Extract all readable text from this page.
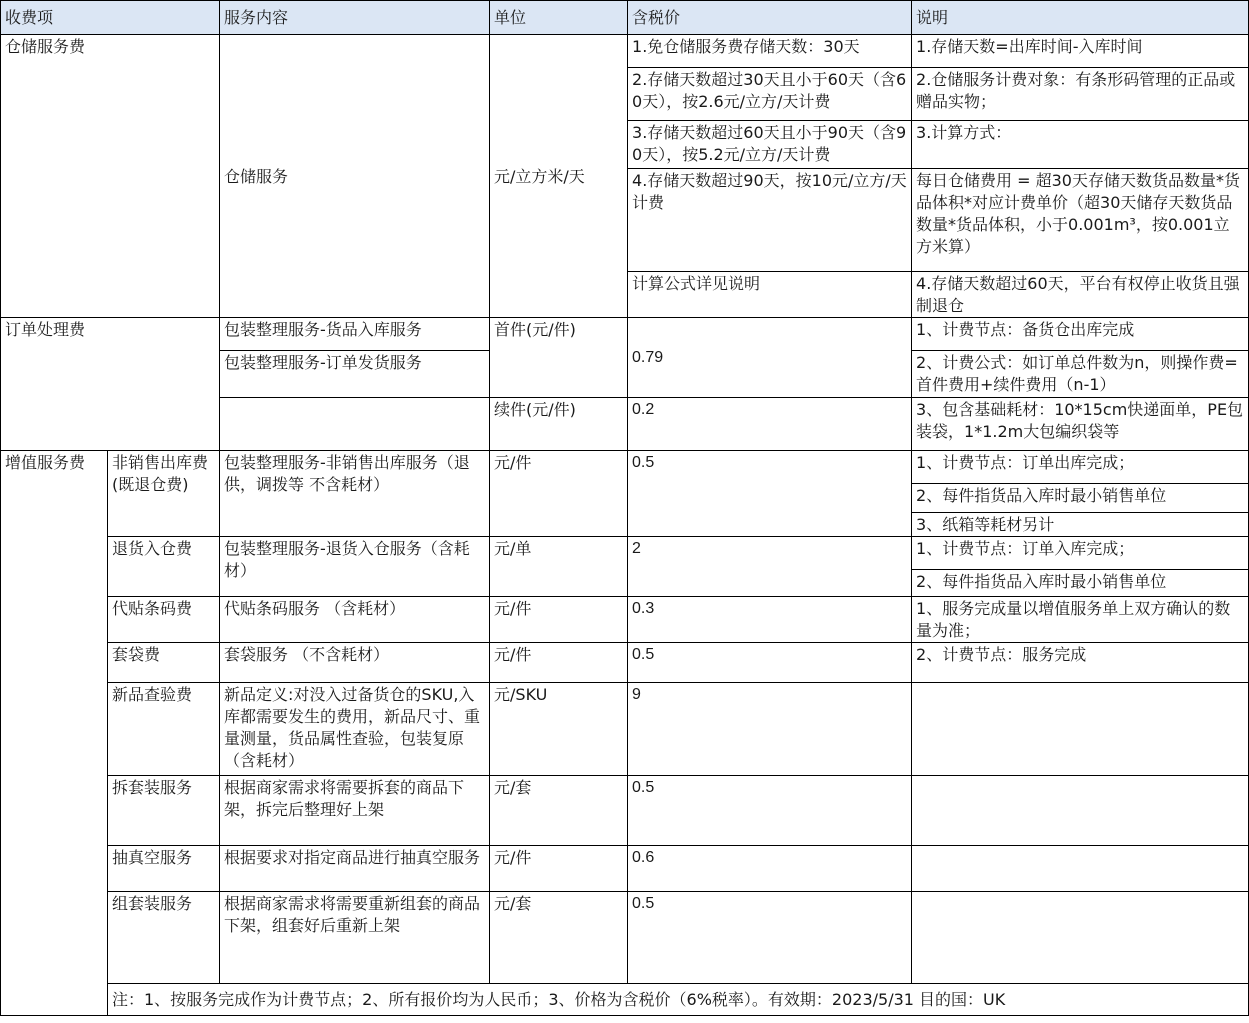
收费项		服务内容	单位	含税价	说明
仓储服务费		仓储服务	元/立方米/天	1.免仓储服务费存储天数：30天	1.存储天数=出库时间-入库时间
				2.存储天数超过30天且小于60天（含60天），按2.6元/立方/天计费	2.仓储服务计费对象：有条形码管理的正品或赠品实物；
				3.存储天数超过60天且小于90天（含90天），按5.2元/立方/天计费	3.计算方式：
				4.存储天数超过90天，按10元/立方/天计费	每日仓储费用 = 超30天存储天数货品数量*货品体积*对应计费单价（超30天储存天数货品数量*货品体积，小于0.001m³，按0.001立方米算）
				计算公式详见说明	4.存储天数超过60天，平台有权停止收货且强制退仓
订单处理费		包装整理服务-货品入库服务	首件(元/件)	0.79	1、计费节点：备货仓出库完成
		包装整理服务-订单发货服务			2、计费公式：如订单总件数为n，则操作费=首件费用+续件费用（n-1）
			续件(元/件)	0.2	3、包含基础耗材：10*15cm快递面单，PE包装袋，1*1.2m大包编织袋等
增值服务费	非销售出库费(既退仓费)	包装整理服务-非销售出库服务（退供，调拨等 不含耗材）	元/件	0.5	1、计费节点：订单出库完成；
					2、每件指货品入库时最小销售单位
					3、纸箱等耗材另计
	退货入仓费	包装整理服务-退货入仓服务（含耗材）	元/单	2	1、计费节点：订单入库完成；
					2、每件指货品入库时最小销售单位
	代贴条码费	代贴条码服务 （含耗材）	元/件	0.3	1、服务完成量以增值服务单上双方确认的数量为准；
	套袋费	套袋服务 （不含耗材）	元/件	0.5	2、计费节点：服务完成
	新品查验费	新品定义:对没入过备货仓的SKU,入库都需要发生的费用，新品尺寸、重量测量，货品属性查验，包装复原（含耗材）	元/SKU	9	
	拆套装服务	根据商家需求将需要拆套的商品下架，拆完后整理好上架	元/套	0.5	
	抽真空服务	根据要求对指定商品进行抽真空服务	元/件	0.6	
	组套装服务	根据商家需求将需要重新组套的商品下架，组套好后重新上架	元/套	0.5	
	注：1、按服务完成作为计费节点；2、所有报价均为人民币；3、价格为含税价（6%税率）。有效期：2023/5/31 目的国：UK				
